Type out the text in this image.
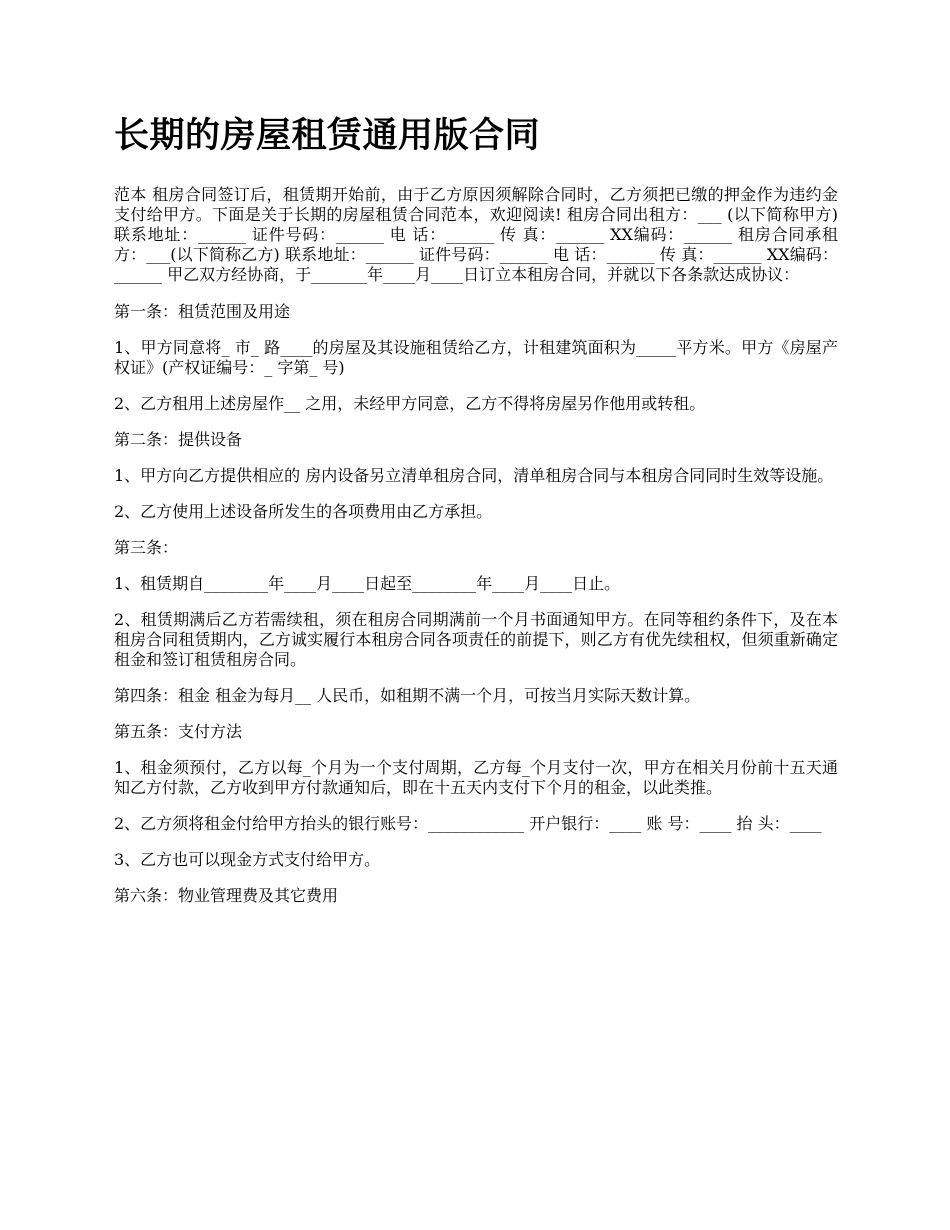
长期的房屋租赁通用版合同

范本 租房合同签订后，租赁期开始前，由于乙方原因须解除合同时，乙方须把已缴的押金作为违约金支付给甲方。下面是关于长期的房屋租赁合同范本，欢迎阅读! 租房合同出租方：___ (以下简称甲方) 联系地址：______ 证件号码：______ 电 话：______ 传 真：______ XX编码：______ 租房合同承租方：___(以下简称乙方) 联系地址：______ 证件号码：______ 电 话：______ 传 真：______ XX编码：______ 甲乙双方经协商，于_______年____月____日订立本租房合同，并就以下各条款达成协议：

第一条：租赁范围及用途

1、甲方同意将_ 市_ 路____的房屋及其设施租赁给乙方，计租建筑面积为_____平方米。甲方《房屋产权证》(产权证编号：_ 字第_ 号)

2、乙方租用上述房屋作__ 之用，未经甲方同意，乙方不得将房屋另作他用或转租。

第二条：提供设备

1、甲方向乙方提供相应的 房内设备另立清单租房合同，清单租房合同与本租房合同同时生效等设施。

2、乙方使用上述设备所发生的各项费用由乙方承担。

第三条：

1、租赁期自________年____月____日起至________年____月____日止。

2、租赁期满后乙方若需续租，须在租房合同期满前一个月书面通知甲方。在同等租约条件下，及在本租房合同租赁期内，乙方诚实履行本租房合同各项责任的前提下，则乙方有优先续租权，但须重新确定租金和签订租赁租房合同。

第四条：租金 租金为每月__ 人民币，如租期不满一个月，可按当月实际天数计算。

第五条：支付方法

1、租金须预付，乙方以每_个月为一个支付周期，乙方每_个月支付一次，甲方在相关月份前十五天通知乙方付款，乙方收到甲方付款通知后，即在十五天内支付下个月的租金，以此类推。

2、乙方须将租金付给甲方抬头的银行账号：____________ 开户银行：____ 账 号：____ 抬 头：____

3、乙方也可以现金方式支付给甲方。

第六条：物业管理费及其它费用
